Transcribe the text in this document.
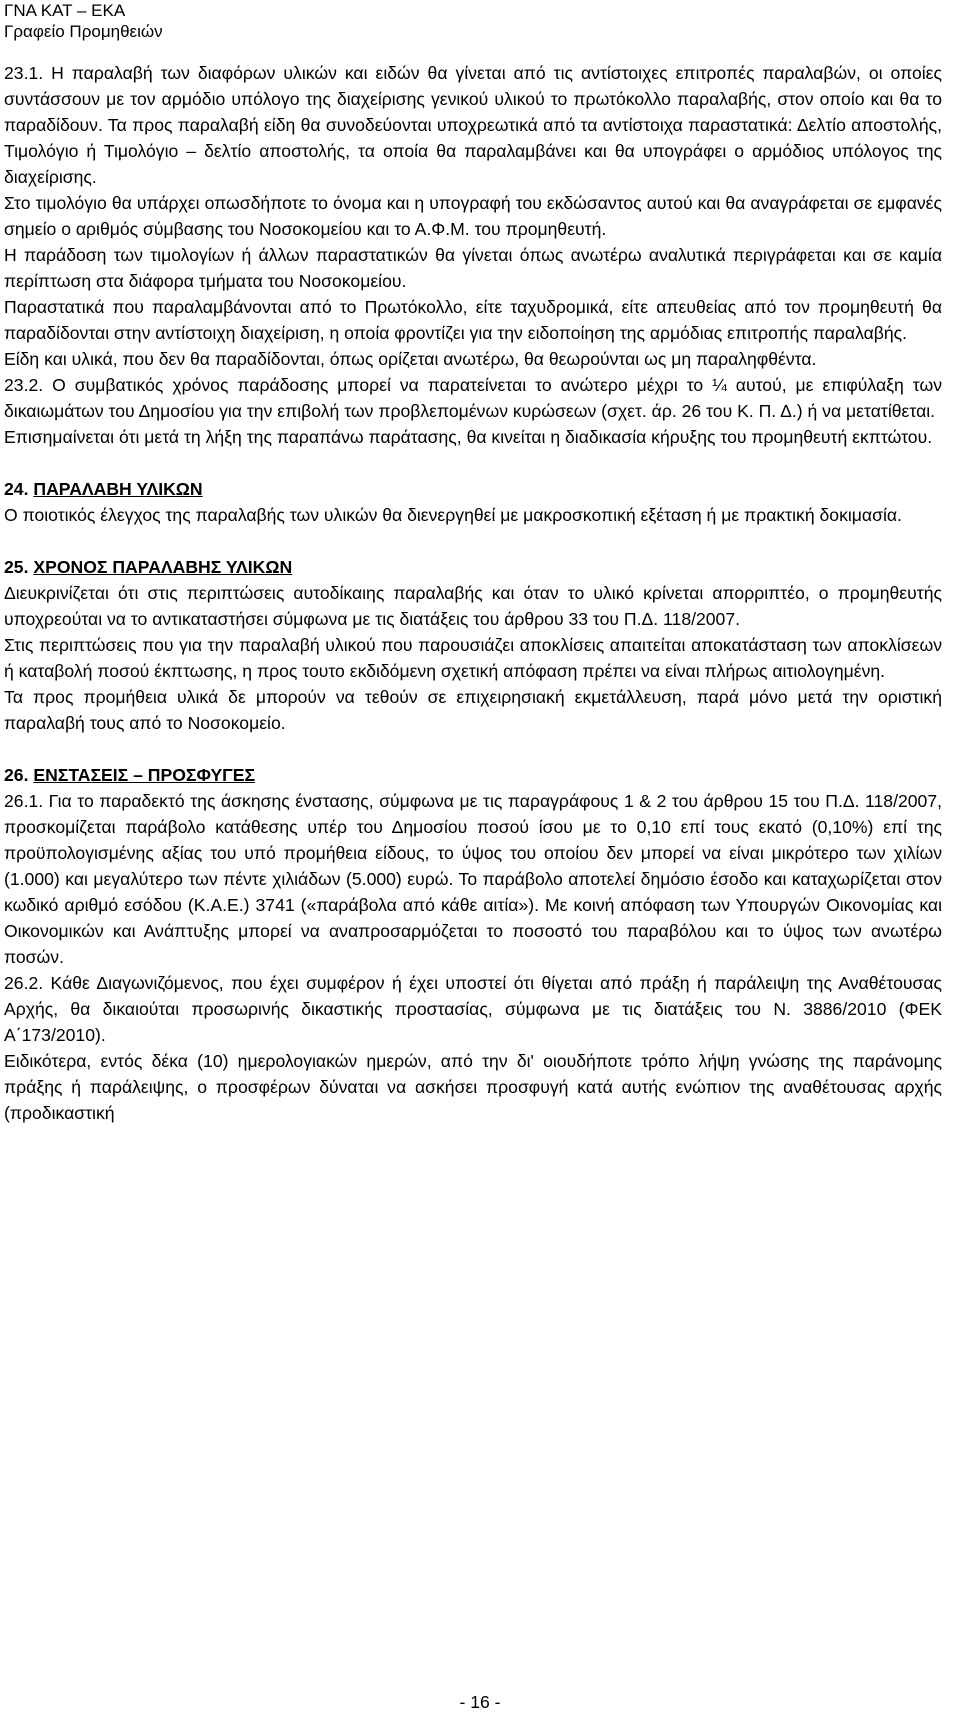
ΓΝΑ ΚΑΤ – ΕΚΑ
Γραφείο Προμηθειών

23.1. Η παραλαβή των διαφόρων υλικών και ειδών θα γίνεται από τις αντίστοιχες επιτροπές παραλαβών, οι οποίες συντάσσουν με τον αρμόδιο υπόλογο της διαχείρισης γενικού υλικού το πρωτόκολλο παραλαβής, στον οποίο και θα το παραδίδουν. Τα προς παραλαβή είδη θα συνοδεύονται υποχρεωτικά από τα αντίστοιχα παραστατικά: Δελτίο αποστολής, Τιμολόγιο ή Τιμολόγιο – δελτίο αποστολής, τα οποία θα παραλαμβάνει και θα υπογράφει ο αρμόδιος υπόλογος της διαχείρισης.

Στο τιμολόγιο θα υπάρχει οπωσδήποτε το όνομα και η υπογραφή του εκδώσαντος αυτού και θα αναγράφεται σε εμφανές σημείο ο αριθμός σύμβασης του Νοσοκομείου και το Α.Φ.Μ. του προμηθευτή.

Η παράδοση των τιμολογίων ή άλλων παραστατικών θα γίνεται όπως ανωτέρω αναλυτικά περιγράφεται και σε καμία περίπτωση στα διάφορα τμήματα του Νοσοκομείου.

Παραστατικά που παραλαμβάνονται από το Πρωτόκολλο, είτε ταχυδρομικά, είτε απευθείας από τον προμηθευτή θα παραδίδονται στην αντίστοιχη διαχείριση, η οποία φροντίζει για την ειδοποίηση της αρμόδιας επιτροπής παραλαβής.

Είδη και υλικά, που δεν θα παραδίδονται, όπως ορίζεται ανωτέρω, θα θεωρούνται ως μη παραληφθέντα.

23.2. Ο συμβατικός χρόνος παράδοσης μπορεί να παρατείνεται το ανώτερο μέχρι το ¼ αυτού, με επιφύλαξη των δικαιωμάτων του Δημοσίου για την επιβολή των προβλεπομένων κυρώσεων (σχετ. άρ. 26 του Κ. Π. Δ.) ή να μετατίθεται.

Επισημαίνεται ότι μετά τη λήξη της παραπάνω παράτασης, θα κινείται η διαδικασία κήρυξης του προμηθευτή εκπτώτου.

24. ΠΑΡΑΛΑΒΗ ΥΛΙΚΩΝ

Ο ποιοτικός έλεγχος της παραλαβής των υλικών θα διενεργηθεί με μακροσκοπική εξέταση ή με πρακτική δοκιμασία.

25. ΧΡΟΝΟΣ ΠΑΡΑΛΑΒΗΣ ΥΛΙΚΩΝ

Διευκρινίζεται ότι στις περιπτώσεις αυτοδίκαιης παραλαβής και όταν το υλικό κρίνεται απορριπτέο, ο προμηθευτής υποχρεούται να το αντικαταστήσει σύμφωνα με τις διατάξεις του άρθρου 33 του Π.Δ. 118/2007.

Στις περιπτώσεις που για την παραλαβή υλικού που παρουσιάζει αποκλίσεις απαιτείται αποκατάσταση των αποκλίσεων ή καταβολή ποσού έκπτωσης, η προς τουτο εκδιδόμενη σχετική απόφαση πρέπει να είναι πλήρως αιτιολογημένη.

Τα προς προμήθεια υλικά δε μπορούν να τεθούν σε επιχειρησιακή εκμετάλλευση, παρά μόνο μετά την οριστική παραλαβή τους από το Νοσοκομείο.

26. ΕΝΣΤΑΣΕΙΣ – ΠΡΟΣΦΥΓΕΣ

26.1. Για το παραδεκτό της άσκησης ένστασης, σύμφωνα με τις παραγράφους 1 & 2 του άρθρου 15 του Π.Δ. 118/2007, προσκομίζεται παράβολο κατάθεσης υπέρ του Δημοσίου ποσού ίσου με το 0,10 επί τους εκατό (0,10%) επί της προϋπολογισμένης αξίας του υπό προμήθεια είδους, το ύψος του οποίου δεν μπορεί να είναι μικρότερο των χιλίων (1.000) και μεγαλύτερο των πέντε χιλιάδων (5.000) ευρώ. Το παράβολο αποτελεί δημόσιο έσοδο και καταχωρίζεται στον κωδικό αριθμό εσόδου (Κ.Α.Ε.) 3741 («παράβολα από κάθε αιτία»). Με κοινή απόφαση των Υπουργών Οικονομίας και Οικονομικών και Ανάπτυξης μπορεί να αναπροσαρμόζεται το ποσοστό του παραβόλου και το ύψος των ανωτέρω ποσών.

26.2. Κάθε Διαγωνιζόμενος, που έχει συμφέρον ή έχει υποστεί ότι θίγεται από πράξη ή παράλειψη της Αναθέτουσας Αρχής, θα δικαιούται προσωρινής δικαστικής προστασίας, σύμφωνα με τις διατάξεις του Ν. 3886/2010 (ΦΕΚ Α΄173/2010).

Ειδικότερα, εντός δέκα (10) ημερολογιακών ημερών, από την δι' οιουδήποτε τρόπο λήψη γνώσης της παράνομης πράξης ή παράλειψης, ο προσφέρων δύναται να ασκήσει προσφυγή κατά αυτής ενώπιον της αναθέτουσας αρχής (προδικαστική

- 16 -
